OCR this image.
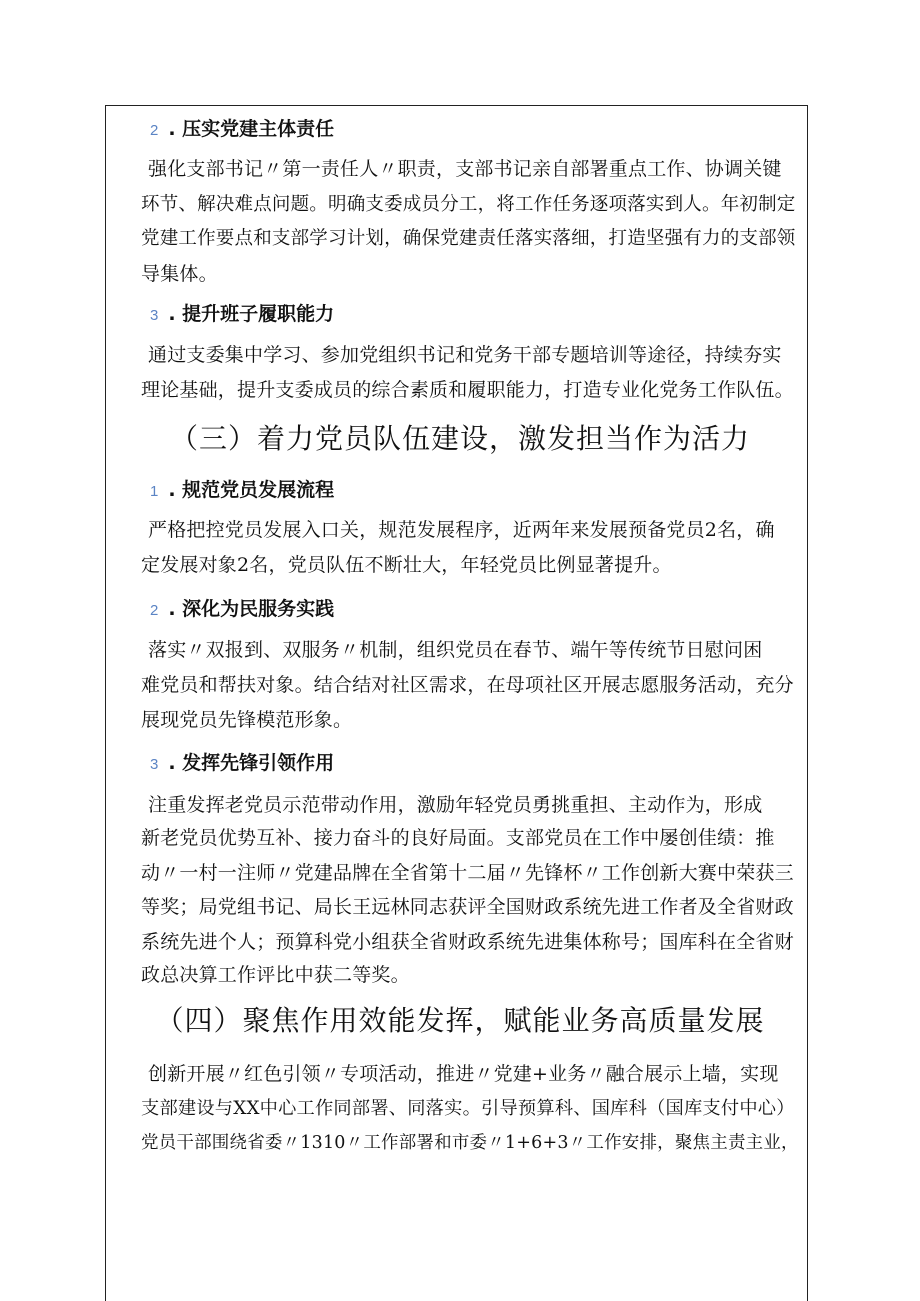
2 . 压实党建主体责任
强化支部书记〃第一责任人〃职责，支部书记亲自部署重点工作、协调关键
环节、解决难点问题。明确支委成员分工，将工作任务逐项落实到人。年初制定
党建工作要点和支部学习计划，确保党建责任落实落细，打造坚强有力的支部领
导集体。
3 . 提升班子履职能力
通过支委集中学习、参加党组织书记和党务干部专题培训等途径，持续夯实
理论基础，提升支委成员的综合素质和履职能力，打造专业化党务工作队伍。
（三）着力党员队伍建设，激发担当作为活力
1 . 规范党员发展流程
严格把控党员发展入口关，规范发展程序，近两年来发展预备党员2名，确
定发展对象2名，党员队伍不断壮大，年轻党员比例显著提升。
2 . 深化为民服务实践
落实〃双报到、双服务〃机制，组织党员在春节、端午等传统节日慰问困
难党员和帮扶对象。结合结对社区需求，在母项社区开展志愿服务活动，充分
展现党员先锋模范形象。
3 . 发挥先锋引领作用
注重发挥老党员示范带动作用，激励年轻党员勇挑重担、主动作为，形成
新老党员优势互补、接力奋斗的良好局面。支部党员在工作中屡创佳绩：推
动〃一村一注师〃党建品牌在全省第十二届〃先锋杯〃工作创新大赛中荣获三
等奖；局党组书记、局长王远林同志获评全国财政系统先进工作者及全省财政
系统先进个人；预算科党小组获全省财政系统先进集体称号；国库科在全省财
政总决算工作评比中获二等奖。
（四）聚焦作用效能发挥，赋能业务高质量发展
创新开展〃红色引领〃专项活动，推进〃党建+业务〃融合展示上墙，实现
支部建设与XX中心工作同部署、同落实。引导预算科、国库科（国库支付中心）
党员干部围绕省委〃1310〃工作部署和市委〃1+6+3〃工作安排，聚焦主责主业，
